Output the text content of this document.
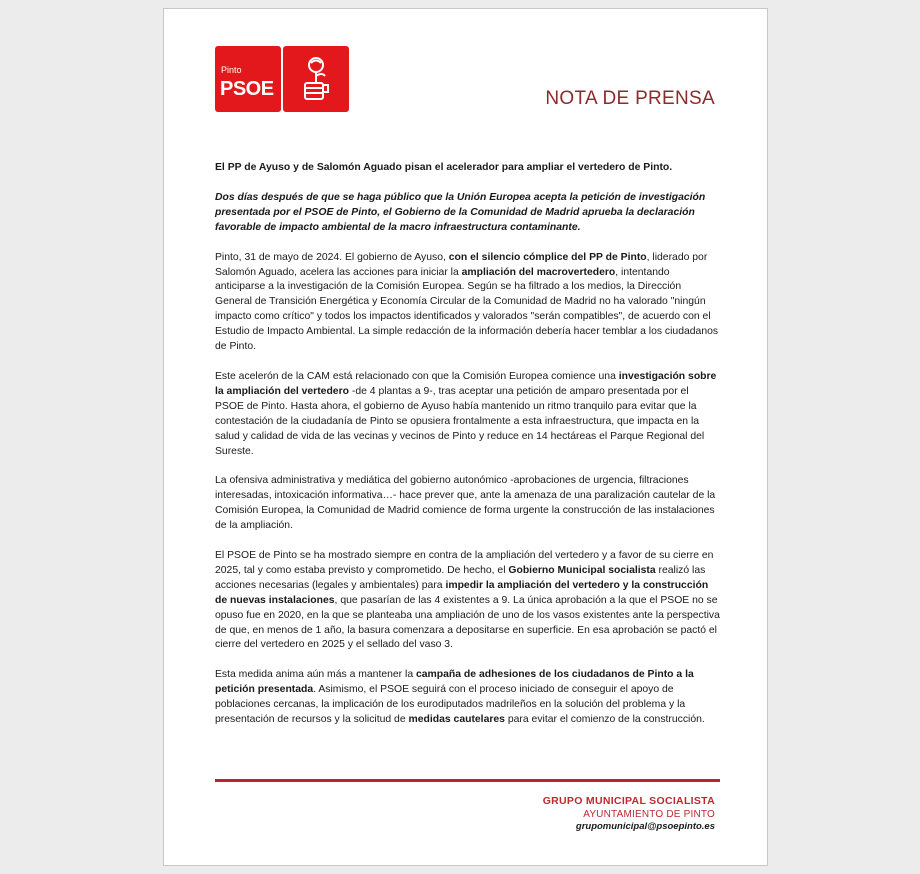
Pinto
PSOE	NOTA DE PRENSA

El PP de Ayuso y de Salomón Aguado pisan el acelerador para ampliar el vertedero de Pinto.

Dos días después de que se haga público que la Unión Europea acepta la petición de investigación presentada por el PSOE de Pinto, el Gobierno de la Comunidad de Madrid aprueba la declaración favorable de impacto ambiental de la macro infraestructura contaminante.

Pinto, 31 de mayo de 2024. El gobierno de Ayuso, con el silencio cómplice del PP de Pinto, liderado por Salomón Aguado, acelera las acciones para iniciar la ampliación del macrovertedero, intentando anticiparse a la investigación de la Comisión Europea. Según se ha filtrado a los medios, la Dirección General de Transición Energética y Economía Circular de la Comunidad de Madrid no ha valorado "ningún impacto como crítico" y todos los impactos identificados y valorados "serán compatibles", de acuerdo con el Estudio de Impacto Ambiental. La simple redacción de la información debería hacer temblar a los ciudadanos de Pinto.

Este acelerón de la CAM está relacionado con que la Comisión Europea comience una investigación sobre la ampliación del vertedero -de 4 plantas a 9-, tras aceptar una petición de amparo presentada por el PSOE de Pinto. Hasta ahora, el gobierno de Ayuso había mantenido un ritmo tranquilo para evitar que la contestación de la ciudadanía de Pinto se opusiera frontalmente a esta infraestructura, que impacta en la salud y calidad de vida de las vecinas y vecinos de Pinto y reduce en 14 hectáreas el Parque Regional del Sureste.

La ofensiva administrativa y mediática del gobierno autonómico -aprobaciones de urgencia, filtraciones interesadas, intoxicación informativa…- hace prever que, ante la amenaza de una paralización cautelar de la Comisión Europea, la Comunidad de Madrid comience de forma urgente la construcción de las instalaciones de la ampliación.

El PSOE de Pinto se ha mostrado siempre en contra de la ampliación del vertedero y a favor de su cierre en 2025, tal y como estaba previsto y comprometido. De hecho, el Gobierno Municipal socialista realizó las acciones necesarias (legales y ambientales) para impedir la ampliación del vertedero y la construcción de nuevas instalaciones, que pasarían de las 4 existentes a 9. La única aprobación a la que el PSOE no se opuso fue en 2020, en la que se planteaba una ampliación de uno de los vasos existentes ante la perspectiva de que, en menos de 1 año, la basura comenzara a depositarse en superficie. En esa aprobación se pactó el cierre del vertedero en 2025 y el sellado del vaso 3.

Esta medida anima aún más a mantener la campaña de adhesiones de los ciudadanos de Pinto a la petición presentada. Asimismo, el PSOE seguirá con el proceso iniciado de conseguir el apoyo de poblaciones cercanas, la implicación de los eurodiputados madrileños en la solución del problema y la presentación de recursos y la solicitud de medidas cautelares para evitar el comienzo de la construcción.

GRUPO MUNICIPAL SOCIALISTA
AYUNTAMIENTO DE PINTO
grupomunicipal@psoepinto.es
